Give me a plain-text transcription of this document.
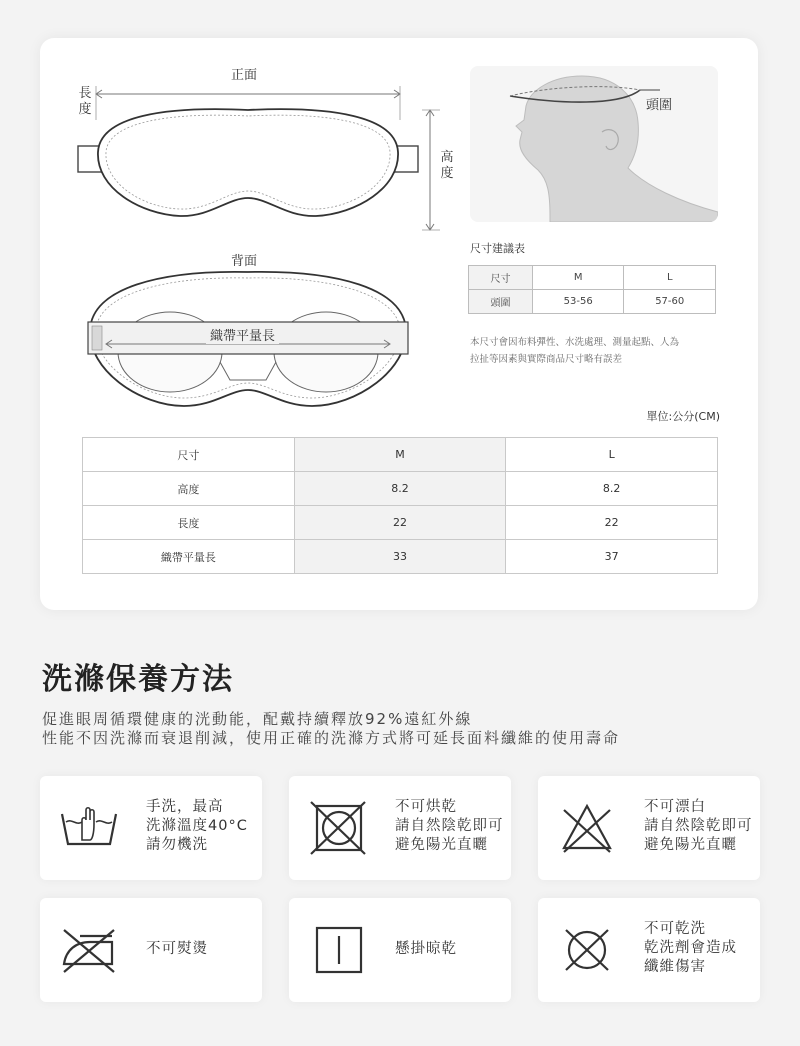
正面
長度
高度
背面
織帶平量長
頭圍
尺寸建議表
尺寸	M	L
頭圍	53-56	57-60
本尺寸會因布料彈性、水洗處理、測量起點、人為
拉扯等因素與實際商品尺寸略有誤差
單位:公分(CM)
尺寸	M	L
高度	8.2	8.2
長度	22	22
織帶平量長	33	37
洗滌保養方法
促進眼周循環健康的洸動能，配戴持續釋放92%遠紅外線
性能不因洗滌而衰退削減，使用正確的洗滌方式將可延長面料纖維的使用壽命
手洗，最高
洗滌溫度40°C
請勿機洗
不可烘乾
請自然陰乾即可
避免陽光直曬
不可漂白
請自然陰乾即可
避免陽光直曬
不可熨燙	懸掛晾乾
不可乾洗
乾洗劑會造成
纖維傷害
